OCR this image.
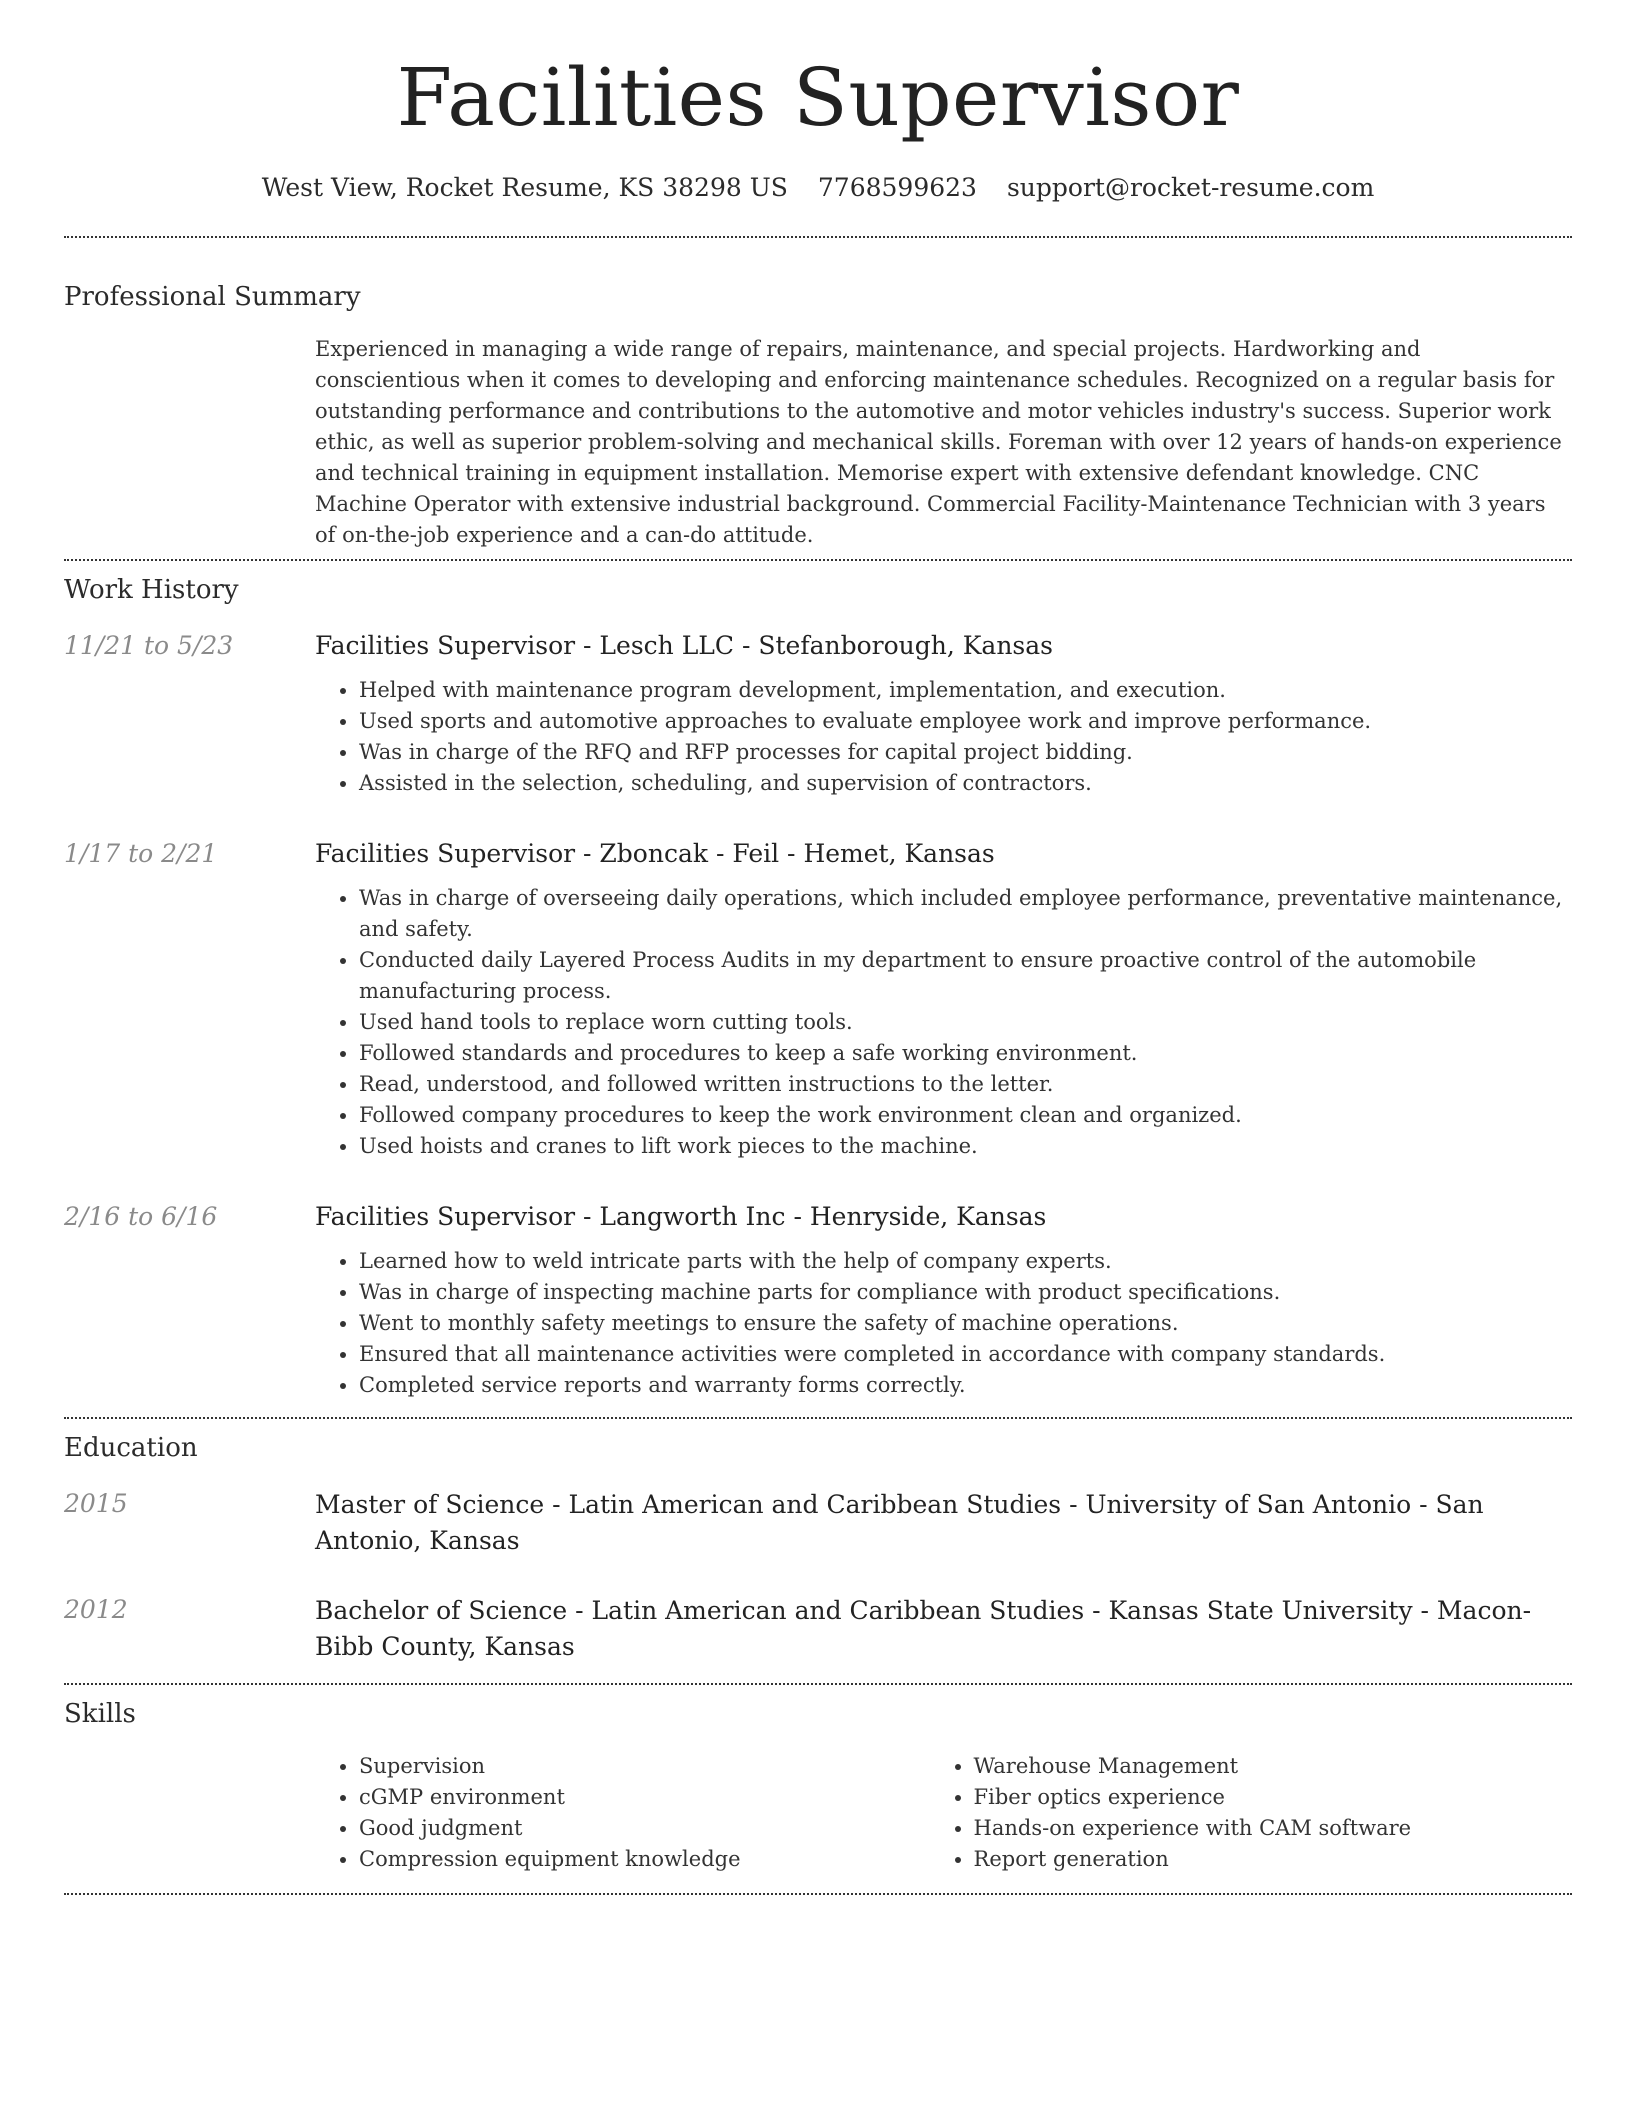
Facilities Supervisor
West View, Rocket Resume, KS 38298 US 7768599623 support@rocket-resume.com
Professional Summary
Experienced in managing a wide range of repairs, maintenance, and special projects. Hardworking and conscientious when it comes to developing and enforcing maintenance schedules. Recognized on a regular basis for outstanding performance and contributions to the automotive and motor vehicles industry's success. Superior work ethic, as well as superior problem-solving and mechanical skills. Foreman with over 12 years of hands-on experience and technical training in equipment installation. Memorise expert with extensive defendant knowledge. CNC Machine Operator with extensive industrial background. Commercial Facility-Maintenance Technician with 3 years of on-the-job experience and a can-do attitude.
Work History
11/21 to 5/23	Facilities Supervisor - Lesch LLC - Stefanborough, Kansas
• Helped with maintenance program development, implementation, and execution.
• Used sports and automotive approaches to evaluate employee work and improve performance.
• Was in charge of the RFQ and RFP processes for capital project bidding.
• Assisted in the selection, scheduling, and supervision of contractors.
1/17 to 2/21	Facilities Supervisor - Zboncak - Feil - Hemet, Kansas
• Was in charge of overseeing daily operations, which included employee performance, preventative maintenance, and safety.
• Conducted daily Layered Process Audits in my department to ensure proactive control of the automobile manufacturing process.
• Used hand tools to replace worn cutting tools.
• Followed standards and procedures to keep a safe working environment.
• Read, understood, and followed written instructions to the letter.
• Followed company procedures to keep the work environment clean and organized.
• Used hoists and cranes to lift work pieces to the machine.
2/16 to 6/16	Facilities Supervisor - Langworth Inc - Henryside, Kansas
• Learned how to weld intricate parts with the help of company experts.
• Was in charge of inspecting machine parts for compliance with product specifications.
• Went to monthly safety meetings to ensure the safety of machine operations.
• Ensured that all maintenance activities were completed in accordance with company standards.
• Completed service reports and warranty forms correctly.
Education
2015	Master of Science - Latin American and Caribbean Studies - University of San Antonio - San Antonio, Kansas
2012	Bachelor of Science - Latin American and Caribbean Studies - Kansas State University - Macon-Bibb County, Kansas
Skills
• Supervision
• cGMP environment
• Good judgment
• Compression equipment knowledge
• Warehouse Management
• Fiber optics experience
• Hands-on experience with CAM software
• Report generation
